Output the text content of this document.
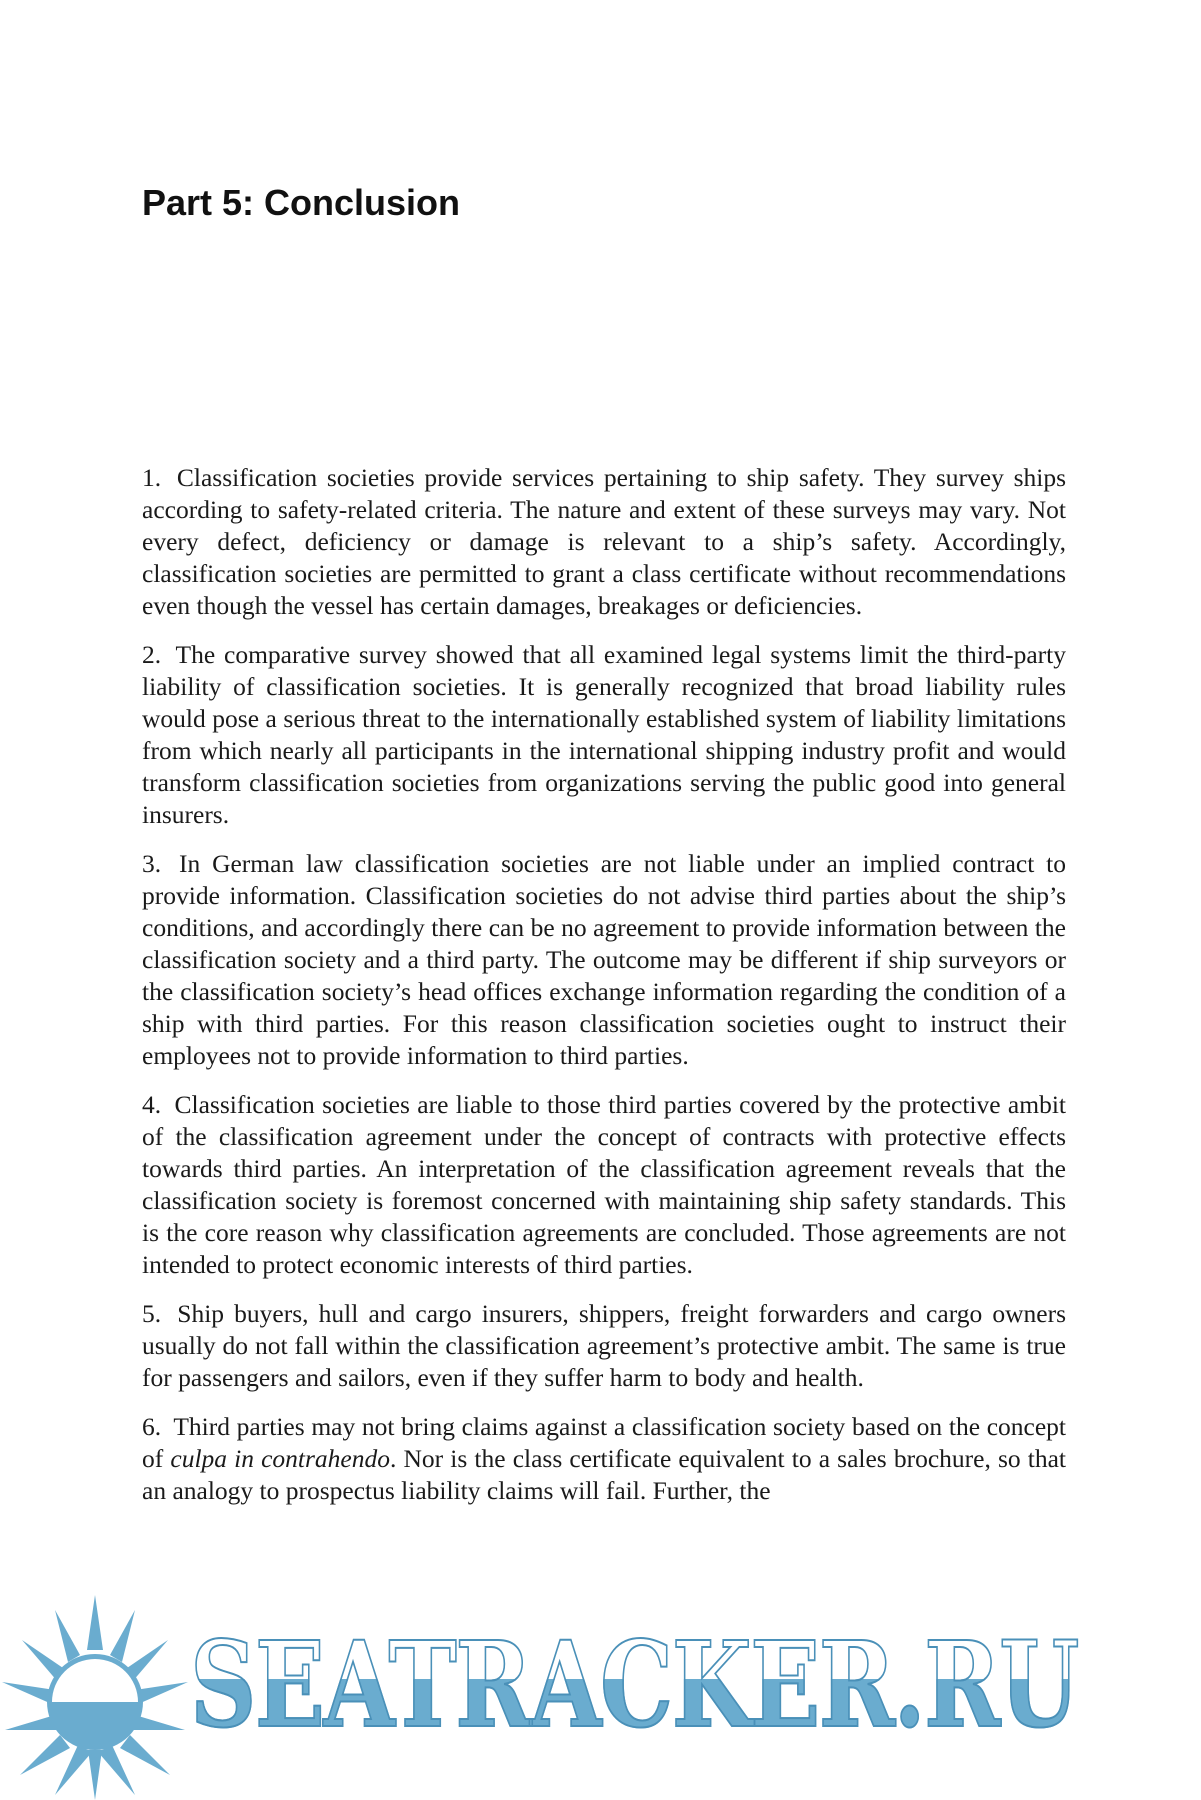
Part 5: Conclusion

1. Classification societies provide services pertaining to ship safety. They survey ships according to safety-related criteria. The nature and extent of these surveys may vary. Not every defect, deficiency or damage is relevant to a ship’s safety. Accordingly, classification societies are permitted to grant a class certificate without recommendations even though the vessel has certain damages, breakages or deficiencies.

2. The comparative survey showed that all examined legal systems limit the third-party liability of classification societies. It is generally recognized that broad liability rules would pose a serious threat to the internationally established system of liability limitations from which nearly all participants in the international shipping industry profit and would transform classification societies from organizations serving the public good into general insurers.

3. In German law classification societies are not liable under an implied contract to provide information. Classification societies do not advise third parties about the ship’s conditions, and accordingly there can be no agreement to provide information between the classification society and a third party. The outcome may be different if ship surveyors or the classification society’s head offices exchange information regarding the condition of a ship with third parties. For this reason classification societies ought to instruct their employees not to provide information to third parties.

4. Classification societies are liable to those third parties covered by the protective ambit of the classification agreement under the concept of contracts with protective effects towards third parties. An interpretation of the classification agreement reveals that the classification society is foremost concerned with maintaining ship safety standards. This is the core reason why classification agreements are concluded. Those agreements are not intended to protect economic interests of third parties.

5. Ship buyers, hull and cargo insurers, shippers, freight forwarders and cargo owners usually do not fall within the classification agreement’s protective ambit. The same is true for passengers and sailors, even if they suffer harm to body and health.

6. Third parties may not bring claims against a classification society based on the concept of culpa in contrahendo. Nor is the class certificate equivalent to a sales brochure, so that an analogy to prospectus liability claims will fail. Further, the

SEATRACKER.RU
